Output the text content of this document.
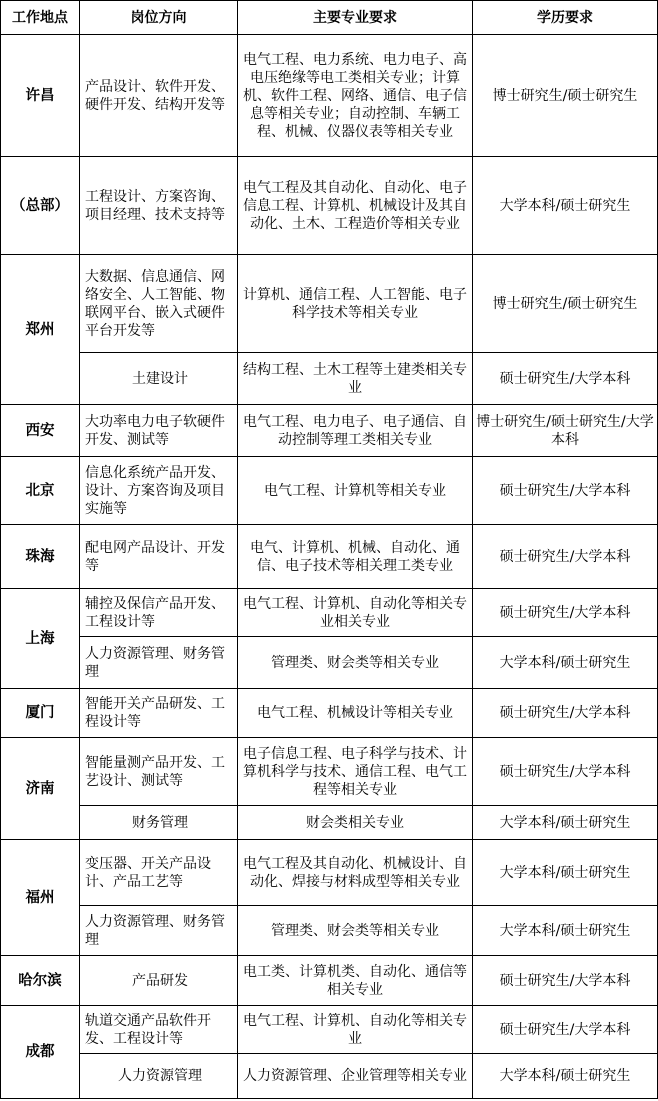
工作地点	岗位方向	主要专业要求	学历要求
许昌	产品设计、软件开发、硬件开发、结构开发等	电气工程、电力系统、电力电子、高电压绝缘等电工类相关专业；计算机、软件工程、网络、通信、电子信息等相关专业；自动控制、车辆工程、机械、仪器仪表等相关专业	博士研究生/硕士研究生
（总部）	工程设计、方案咨询、项目经理、技术支持等	电气工程及其自动化、自动化、电子信息工程、计算机、机械设计及其自动化、土木、工程造价等相关专业	大学本科/硕士研究生
郑州	大数据、信息通信、网络安全、人工智能、物联网平台、嵌入式硬件平台开发等	计算机、通信工程、人工智能、电子科学技术等相关专业	博士研究生/硕士研究生
	土建设计	结构工程、土木工程等土建类相关专业	硕士研究生/大学本科
西安	大功率电力电子软硬件开发、测试等	电气工程、电力电子、电子通信、自动控制等理工类相关专业	博士研究生/硕士研究生/大学本科
北京	信息化系统产品开发、设计、方案咨询及项目实施等	电气工程、计算机等相关专业	硕士研究生/大学本科
珠海	配电网产品设计、开发等	电气、计算机、机械、自动化、通信、电子技术等相关理工类专业	硕士研究生/大学本科
上海	辅控及保信产品开发、工程设计等	电气工程、计算机、自动化等相关专业相关专业	硕士研究生/大学本科
	人力资源管理、财务管理	管理类、财会类等相关专业	大学本科/硕士研究生
厦门	智能开关产品研发、工程设计等	电气工程、机械设计等相关专业	硕士研究生/大学本科
济南	智能量测产品开发、工艺设计、测试等	电子信息工程、电子科学与技术、计算机科学与技术、通信工程、电气工程等相关专业	硕士研究生/大学本科
	财务管理	财会类相关专业	大学本科/硕士研究生
福州	变压器、开关产品设计、产品工艺等	电气工程及其自动化、机械设计、自动化、焊接与材料成型等相关专业	大学本科/硕士研究生
	人力资源管理、财务管理	管理类、财会类等相关专业	大学本科/硕士研究生
哈尔滨	产品研发	电工类、计算机类、自动化、通信等相关专业	硕士研究生/大学本科
成都	轨道交通产品软件开发、工程设计等	电气工程、计算机、自动化等相关专业	硕士研究生/大学本科
	人力资源管理	人力资源管理、企业管理等相关专业	大学本科/硕士研究生
